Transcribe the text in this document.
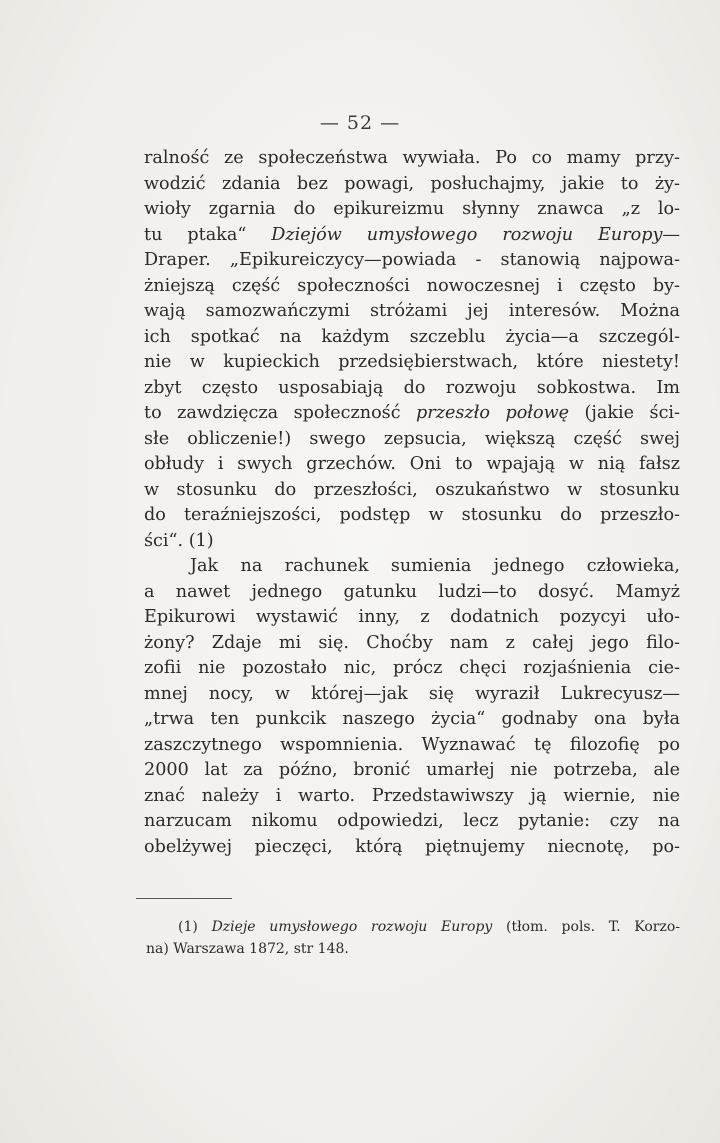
— 52 —
ralność ze społeczeństwa wywiała. Po co mamy przy-
wodzić zdania bez powagi, posłuchajmy, jakie to ży-
wioły zgarnia do epikureizmu słynny znawca „z lo-
tu ptaka“ Dziejów umysłowego rozwoju Europy—
Draper. „Epikureiczycy—powiada - stanowią najpowa-
żniejszą część społeczności nowoczesnej i często by-
wają samozwańczymi stróżami jej interesów. Można
ich spotkać na każdym szczeblu życia—a szczegól-
nie w kupieckich przedsiębierstwach, które niestety!
zbyt często usposabiają do rozwoju sobkostwa. Im
to zawdzięcza społeczność przeszło połowę (jakie ści-
słe obliczenie!) swego zepsucia, większą część swej
obłudy i swych grzechów. Oni to wpajają w nią fałsz
w stosunku do przeszłości, oszukaństwo w stosunku
do teraźniejszości, podstęp w stosunku do przeszło-
ści“. (1)
Jak na rachunek sumienia jednego człowieka,
a nawet jednego gatunku ludzi—to dosyć. Mamyż
Epikurowi wystawić inny, z dodatnich pozycyi uło-
żony? Zdaje mi się. Choćby nam z całej jego filo-
zofii nie pozostało nic, prócz chęci rozjaśnienia cie-
mnej nocy, w której—jak się wyraził Lukrecyusz—
„trwa ten punkcik naszego życia“ godnaby ona była
zaszczytnego wspomnienia. Wyznawać tę filozofię po
2000 lat za późno, bronić umarłej nie potrzeba, ale
znać należy i warto. Przedstawiwszy ją wiernie, nie
narzucam nikomu odpowiedzi, lecz pytanie: czy na
obelżywej pieczęci, którą piętnujemy niecnotę, po-
(1) Dzieje umysłowego rozwoju Europy (tłom. pols. T. Korzo-
na) Warszawa 1872, str 148.
